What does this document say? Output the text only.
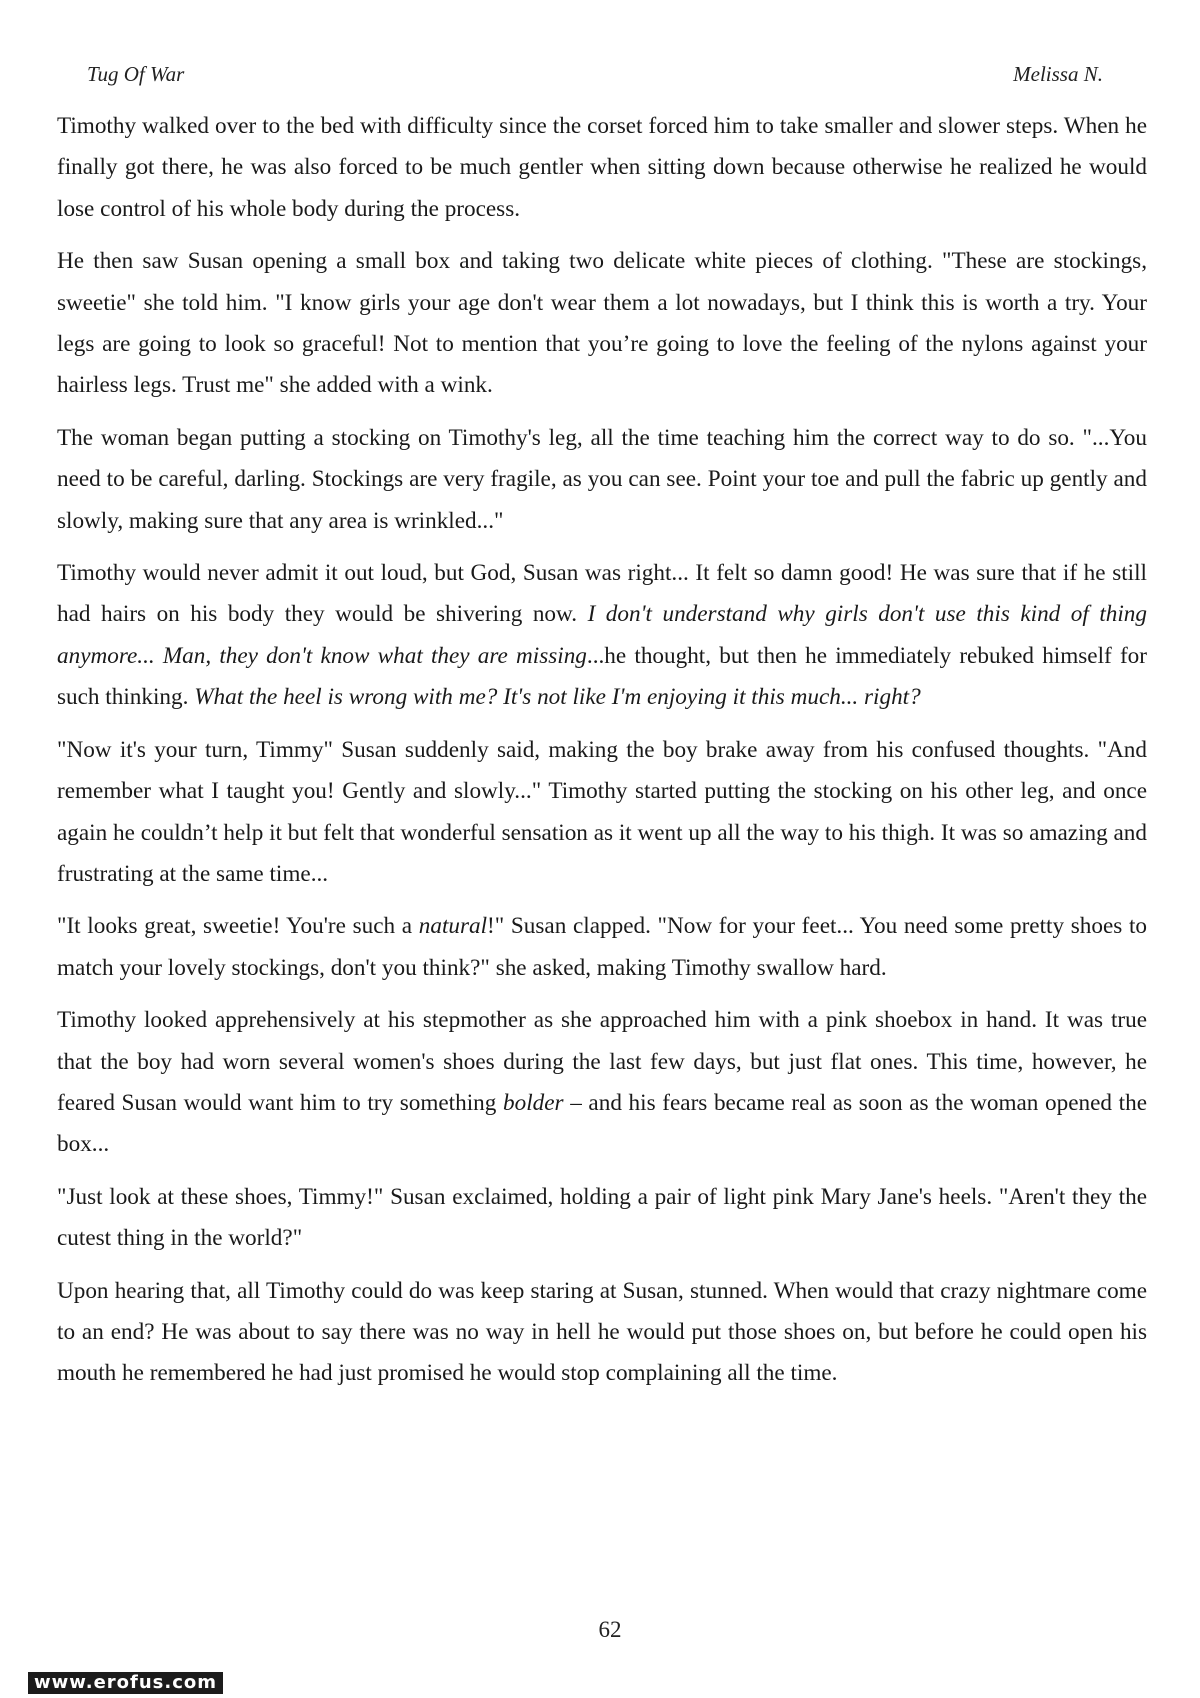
Tug Of War	Melissa N.

Timothy walked over to the bed with difficulty since the corset forced him to take smaller and slower steps. When he finally got there, he was also forced to be much gentler when sitting down because otherwise he realized he would lose control of his whole body during the process.

He then saw Susan opening a small box and taking two delicate white pieces of clothing. "These are stockings, sweetie" she told him. "I know girls your age don't wear them a lot nowadays, but I think this is worth a try. Your legs are going to look so graceful! Not to mention that you’re going to love the feeling of the nylons against your hairless legs. Trust me" she added with a wink.

The woman began putting a stocking on Timothy's leg, all the time teaching him the correct way to do so. "...You need to be careful, darling. Stockings are very fragile, as you can see. Point your toe and pull the fabric up gently and slowly, making sure that any area is wrinkled..."

Timothy would never admit it out loud, but God, Susan was right... It felt so damn good! He was sure that if he still had hairs on his body they would be shivering now. I don't understand why girls don't use this kind of thing anymore... Man, they don't know what they are missing...he thought, but then he immediately rebuked himself for such thinking. What the heel is wrong with me? It's not like I'm enjoying it this much... right?

"Now it's your turn, Timmy" Susan suddenly said, making the boy brake away from his confused thoughts. "And remember what I taught you! Gently and slowly..." Timothy started putting the stocking on his other leg, and once again he couldn’t help it but felt that wonderful sensation as it went up all the way to his thigh. It was so amazing and frustrating at the same time...

"It looks great, sweetie! You're such a natural!" Susan clapped. "Now for your feet... You need some pretty shoes to match your lovely stockings, don't you think?" she asked, making Timothy swallow hard.

Timothy looked apprehensively at his stepmother as she approached him with a pink shoebox in hand. It was true that the boy had worn several women's shoes during the last few days, but just flat ones. This time, however, he feared Susan would want him to try something bolder – and his fears became real as soon as the woman opened the box...

"Just look at these shoes, Timmy!" Susan exclaimed, holding a pair of light pink Mary Jane's heels. "Aren't they the cutest thing in the world?"

Upon hearing that, all Timothy could do was keep staring at Susan, stunned. When would that crazy nightmare come to an end? He was about to say there was no way in hell he would put those shoes on, but before he could open his mouth he remembered he had just promised he would stop complaining all the time.

62
www.erofus.com
